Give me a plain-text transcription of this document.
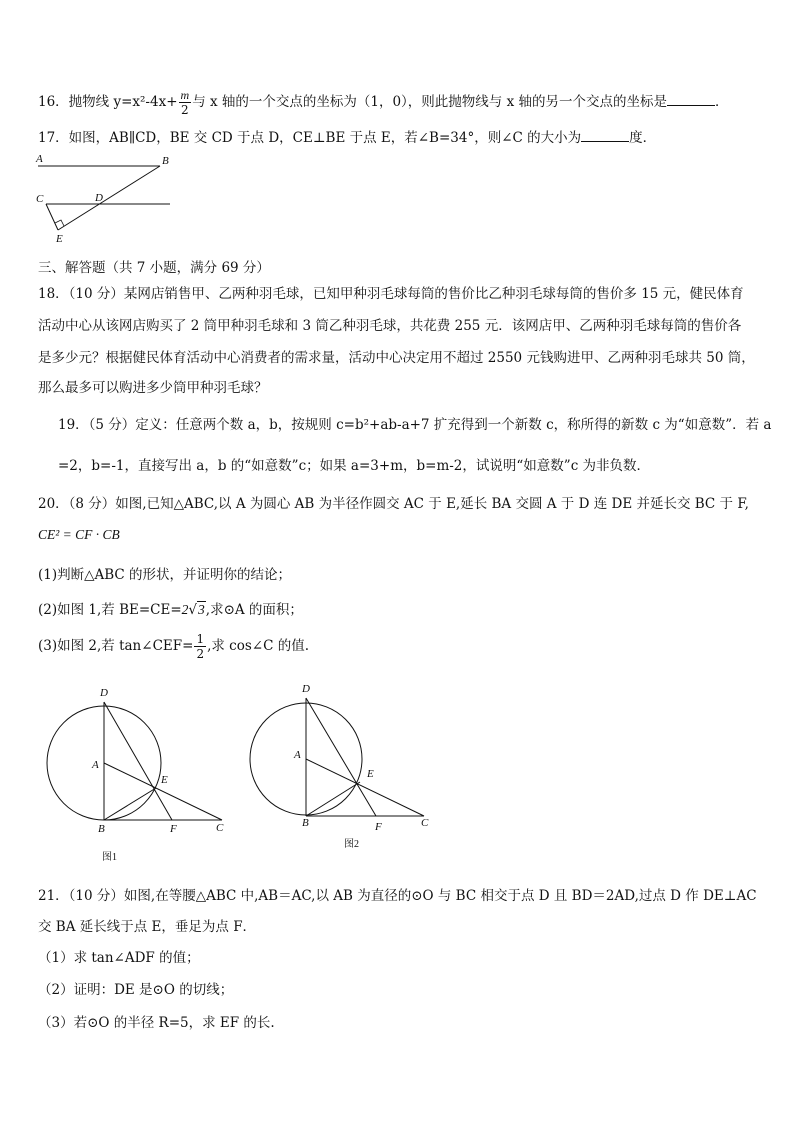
16．抛物线 $y=x^2-4x+ \frac{m}{2}$ 与 x 轴的一个交点的坐标为（1，0），则此抛物线与 x 轴的另一个交点的坐标是	．
17．如图，AB∥CD，BE 交 CD 于点 D，CE⊥BE 于点 E，若∠B=34°，则∠C 的大小为	度．
A	B
C	D
E
三、解答题（共 7 小题，满分 69 分）
18．（10 分）某网店销售甲、乙两种羽毛球，已知甲种羽毛球每筒的售价比乙种羽毛球每筒的售价多 15 元，健民体育
活动中心从该网店购买了 2 筒甲种羽毛球和 3 筒乙种羽毛球，共花费 255 元．该网店甲、乙两种羽毛球每筒的售价各
是多少元？根据健民体育活动中心消费者的需求量，活动中心决定用不超过 2550 元钱购进甲、乙两种羽毛球共 50 筒，
那么最多可以购进多少筒甲种羽毛球？
19．（5 分）定义：任意两个数 a，b，按规则 c=b²+ab-a+7 扩充得到一个新数 c，称所得的新数 c 为“如意数”．若 a
=2，b=-1，直接写出 a，b 的“如意数”c；如果 a=3+m，b=m-2，试说明“如意数”c 为非负数．
20．（8 分）如图,已知△ABC,以 A 为圆心 AB 为半径作圆交 AC 于 E,延长 BA 交圆 A 于 D 连 DE 并延长交 BC 于 F,
CE² = CF · CB
(1)判断△ABC 的形状，并证明你的结论；
(2)如图 1,若 BE=CE=2√3,求⊙A 的面积；
(3)如图 2,若 tan∠CEF= $\frac{1}{2}$ ,求 cos∠C 的值.
D
A
E
B	F	C
图1
D
A
E
B	F	C
图2
21．（10 分）如图,在等腰△ABC 中,AB＝AC,以 AB 为直径的⊙O 与 BC 相交于点 D 且 BD＝2AD,过点 D 作 DE⊥AC
交 BA 延长线于点 E，垂足为点 F．
（1）求 tan∠ADF 的值；
（2）证明：DE 是⊙O 的切线；
（3）若⊙O 的半径 R=5，求 EF 的长.
